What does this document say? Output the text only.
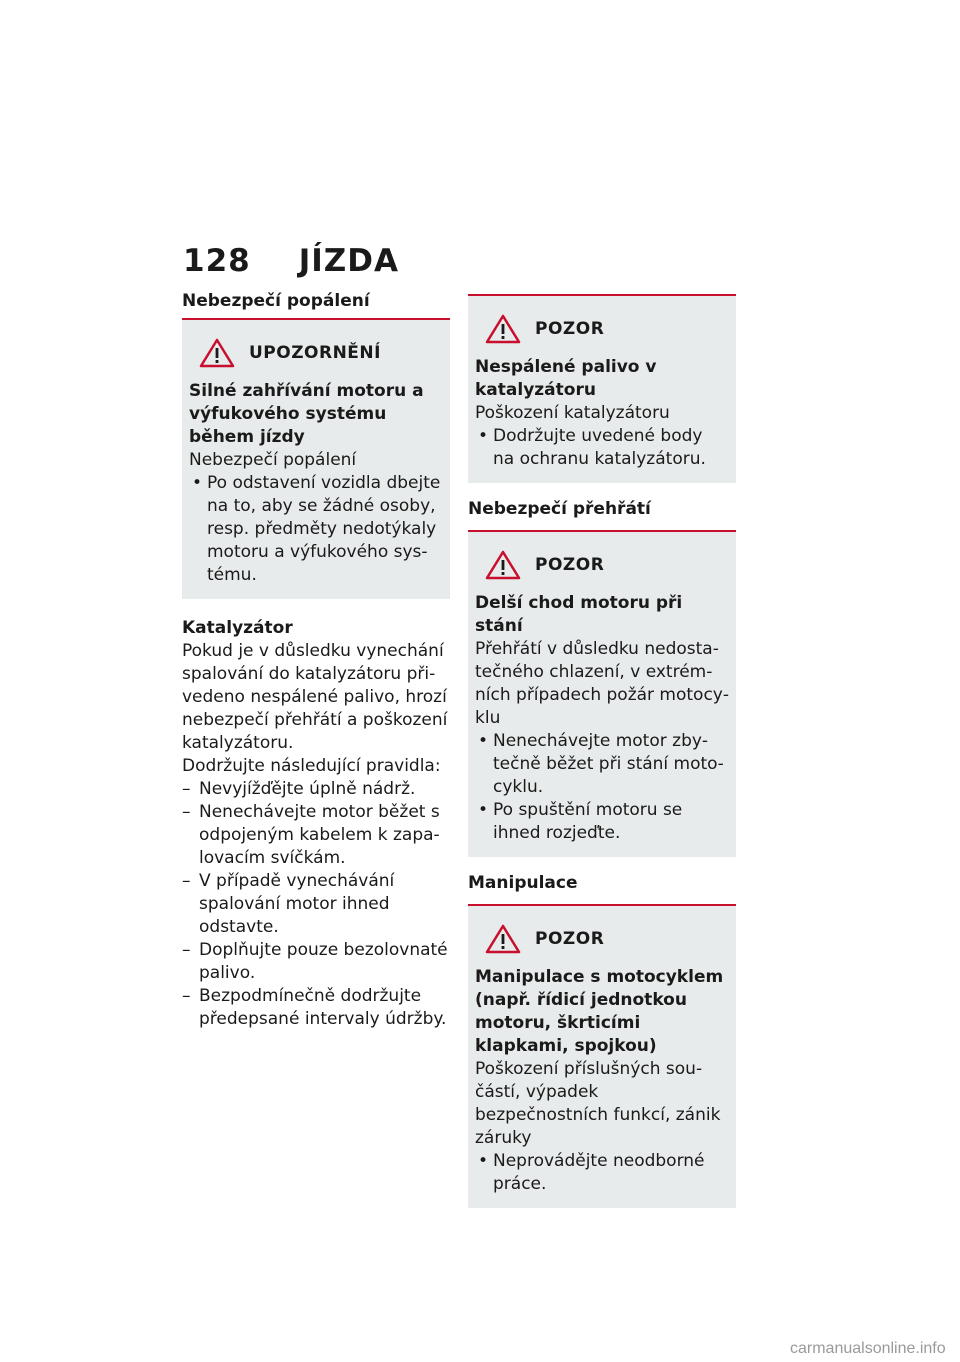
128 JÍZDA
Nebezpečí popálení
UPOZORNĚNÍ
Silné zahřívání motoru a výfukového systému během jízdy
Nebezpečí popálení
• Po odstavení vozidla dbejte na to, aby se žádné osoby, resp. předměty nedotýkaly motoru a výfukového systému.
Katalyzátor
Pokud je v důsledku vynechání spalování do katalyzátoru přivedeno nespálené palivo, hrozí nebezpečí přehřátí a poškození katalyzátoru.
Dodržujte následující pravidla:
– Nevyjížďějte úplně nádrž.
– Nenechávejte motor běžet s odpojeným kabelem k zapalovacím svíčkám.
– V případě vynechávání spalování motor ihned odstavte.
– Doplňujte pouze bezolovnaté palivo.
– Bezpodmínečně dodržujte předepsané intervaly údržby.
POZOR
Nespálené palivo v katalyzátoru
Poškození katalyzátoru
• Dodržujte uvedené body na ochranu katalyzátoru.
Nebezpečí přehřátí
POZOR
Delší chod motoru při stání
Přehřátí v důsledku nedostatečného chlazení, v extrémních případech požár motocyklu
• Nenechávejte motor zbytečně běžet při stání motocyklu.
• Po spuštění motoru se ihned rozjeďte.
Manipulace
POZOR
Manipulace s motocyklem (např. řídicí jednotkou motoru, škrticími klapkami, spojkou)
Poškození příslušných součástí, výpadek bezpečnostních funkcí, zánik záruky
• Neprovádějte neodborné práce.
carmanualsonline.info
